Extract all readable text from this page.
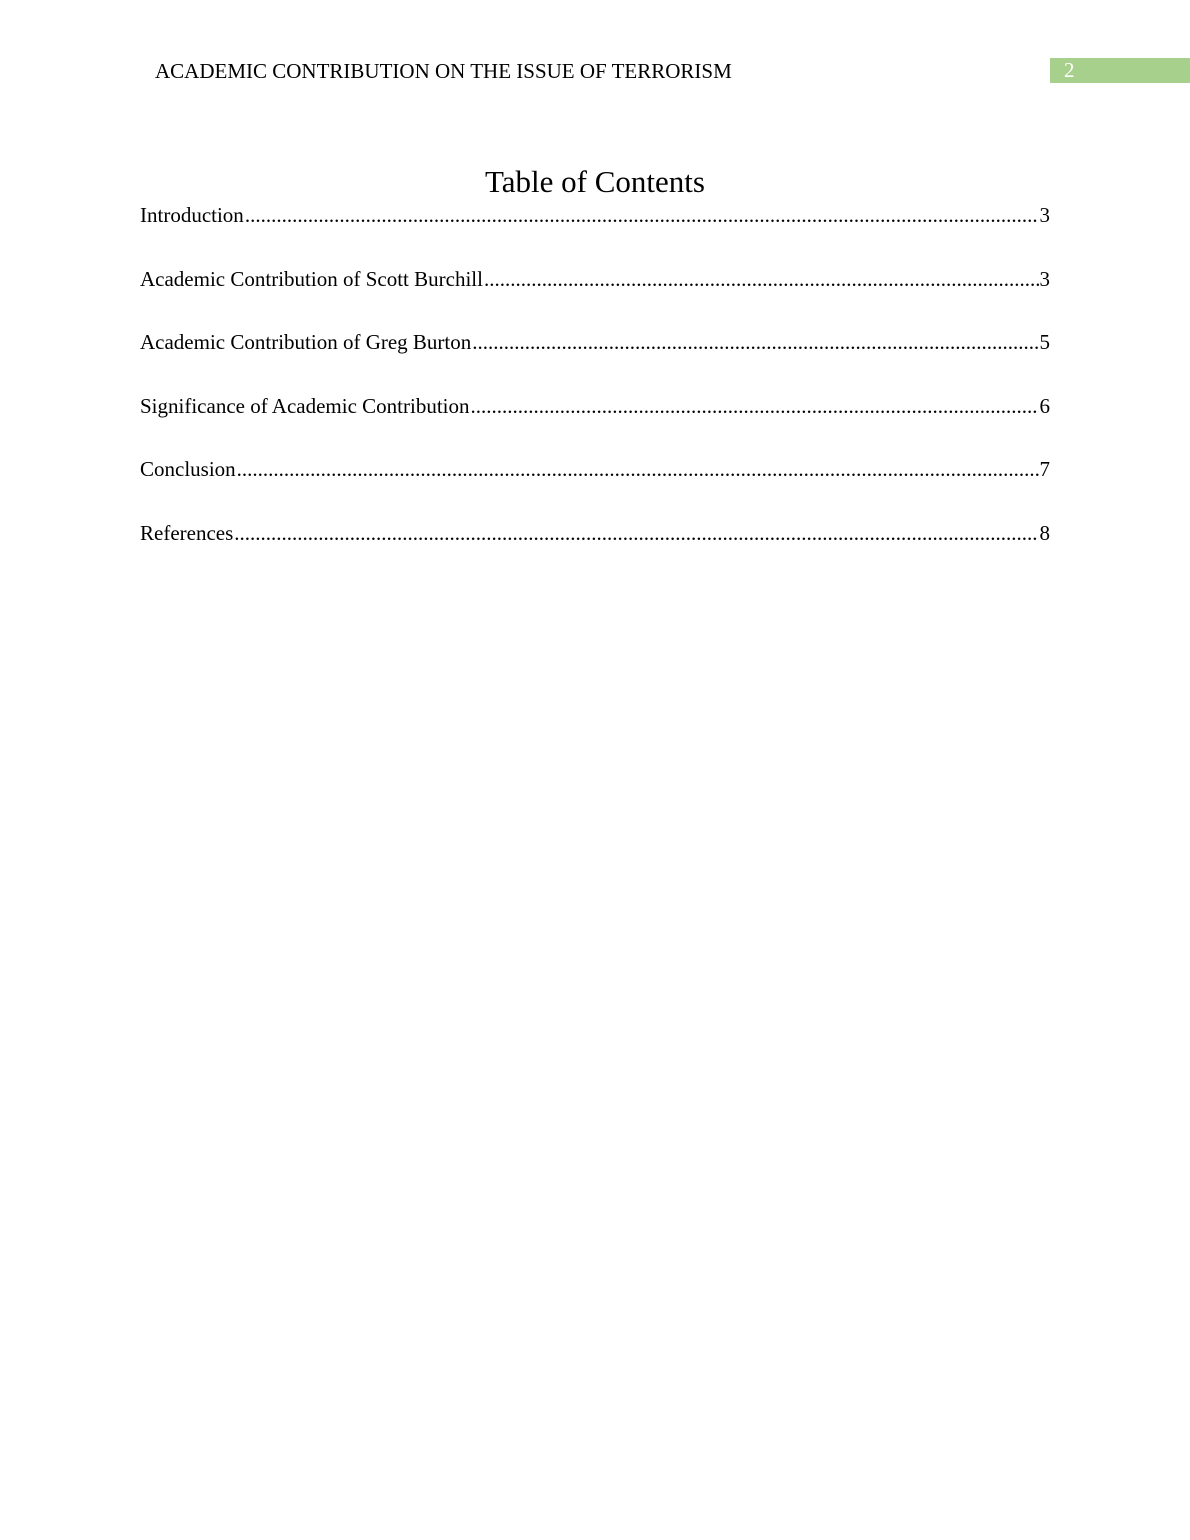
ACADEMIC CONTRIBUTION ON THE ISSUE OF TERRORISM	2
Table of Contents
Introduction .....	3
Academic Contribution of Scott Burchill .....	3
Academic Contribution of Greg Burton .....	5
Significance of Academic Contribution .....	6
Conclusion .....	7
References .....	8
